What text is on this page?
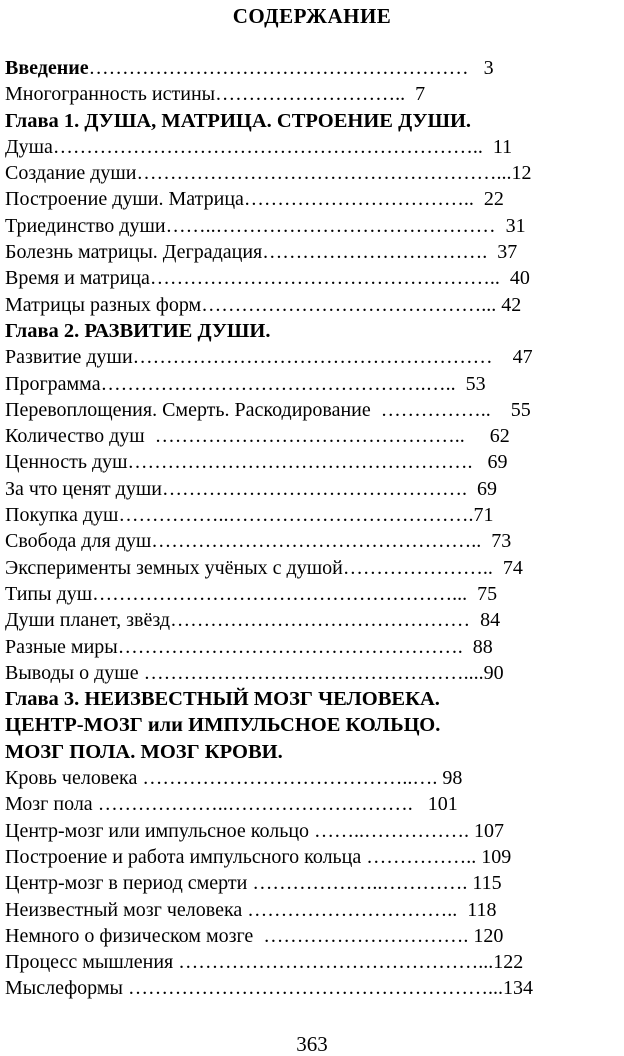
СОДЕРЖАНИЕ
Введение ………………………………………………… 3
Многогранность истины ……………………….. 7
Глава 1. ДУША, МАТРИЦА. СТРОЕНИЕ ДУШИ.
Душа ……………………………………………………….. 11
Создание души ………………………………………………... 12
Построение души. Матрица …………………………….. 22
Триединство души ……..…………………………………… 31
Болезнь матрицы. Деградация ……………………………. 37
Время и матрица …………………………………………….. 40
Матрицы разных форм ……………………………………... 42
Глава 2. РАЗВИТИЕ ДУШИ.
Развитие души ……………………………………………… 47
Программа ………………………………………….….. 53
Перевоплощения. Смерть. Раскодирование …………….. 55
Количество душ ……………………………………….. 62
Ценность душ ……………………………………………. 69
За что ценят души ………………………………………. 69
Покупка душ ……………..………………………………. 71
Свобода для душ ………………………………………….. 73
Эксперименты земных учёных с душой ………………….. 74
Типы душ ………………………………………………... 75
Души планет, звёзд ……………………………………… 84
Разные миры ……………………………………………. 88
Выводы о душе ………………………………………….... 90
Глава 3. НЕИЗВЕСТНЫЙ МОЗГ ЧЕЛОВЕКА.
ЦЕНТР-МОЗГ или ИМПУЛЬСНОЕ КОЛЬЦО.
МОЗГ ПОЛА. МОЗГ КРОВИ.
Кровь человека …………………………………..…. 98
Мозг пола ………………..………………………. 101
Центр-мозг или импульсное кольцо ……..……………. 107
Построение и работа импульсного кольца …………….. 109
Центр-мозг в период смерти ………………..…………. 115
Неизвестный мозг человека ………………………….. 118
Немного о физическом мозге …………………………. 120
Процесс мышления ………………………………………... 122
Мыслеформы ………………………………………………... 134
363
